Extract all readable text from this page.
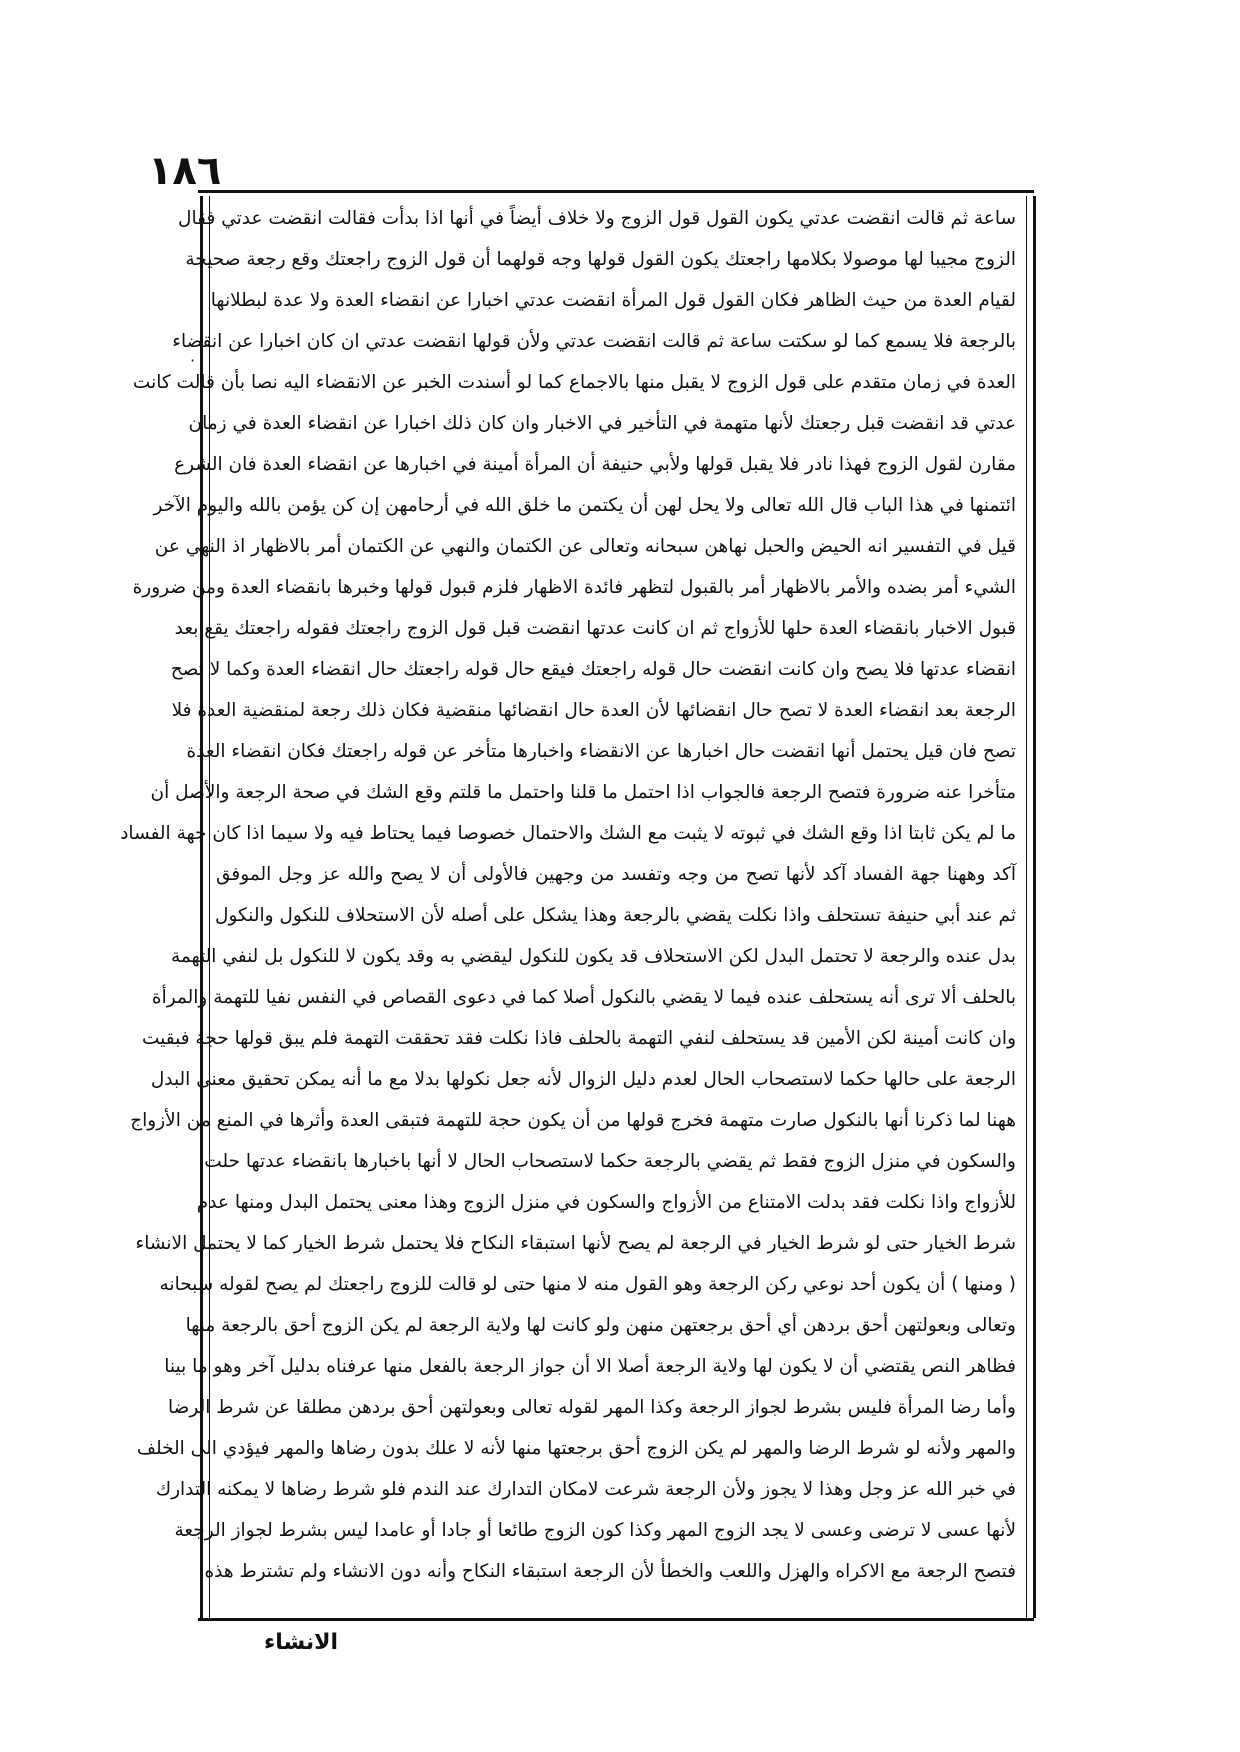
١٨٦
·
ساعة ثم قالت انقضت عدتي يكون القول قول الزوج ولا خلاف أيضاً في أنها اذا بدأت فقالت انقضت عدتي فقال
الزوج مجيبا لها موصولا بكلامها راجعتك يكون القول قولها وجه قولهما أن قول الزوج راجعتك وقع رجعة صحيحة
لقيام العدة من حيث الظاهر فكان القول قول المرأة انقضت عدتي اخبارا عن انقضاء العدة ولا عدة لبطلانها
بالرجعة فلا يسمع كما لو سكتت ساعة ثم قالت انقضت عدتي ولأن قولها انقضت عدتي ان كان اخبارا عن انقضاء
العدة في زمان متقدم على قول الزوج لا يقبل منها بالاجماع كما لو أسندت الخبر عن الانقضاء اليه نصا بأن قالت كانت
عدتي قد انقضت قبل رجعتك لأنها متهمة في التأخير في الاخبار وان كان ذلك اخبارا عن انقضاء العدة في زمان
مقارن لقول الزوج فهذا نادر فلا يقبل قولها ولأبي حنيفة أن المرأة أمينة في اخبارها عن انقضاء العدة فان الشرع
ائتمنها في هذا الباب قال الله تعالى ولا يحل لهن أن يكتمن ما خلق الله في أرحامهن إن كن يؤمن بالله واليوم الآخر
قيل في التفسير انه الحيض والحبل نهاهن سبحانه وتعالى عن الكتمان والنهي عن الكتمان أمر بالاظهار اذ النهي عن
الشيء أمر بضده والأمر بالاظهار أمر بالقبول لتظهر فائدة الاظهار فلزم قبول قولها وخبرها بانقضاء العدة ومن ضرورة
قبول الاخبار بانقضاء العدة حلها للأزواج ثم ان كانت عدتها انقضت قبل قول الزوج راجعتك فقوله راجعتك يقع بعد
انقضاء عدتها فلا يصح وان كانت انقضت حال قوله راجعتك فيقع حال قوله راجعتك حال انقضاء العدة وكما لا تصح
الرجعة بعد انقضاء العدة لا تصح حال انقضائها لأن العدة حال انقضائها منقضية فكان ذلك رجعة لمنقضية العدة فلا
تصح فان قيل يحتمل أنها انقضت حال اخبارها عن الانقضاء واخبارها متأخر عن قوله راجعتك فكان انقضاء العدة
متأخرا عنه ضرورة فتصح الرجعة فالجواب اذا احتمل ما قلنا واحتمل ما قلتم وقع الشك في صحة الرجعة والأصل أن
ما لم يكن ثابتا اذا وقع الشك في ثبوته لا يثبت مع الشك والاحتمال خصوصا فيما يحتاط فيه ولا سيما اذا كان جهة الفساد
آكد وههنا جهة الفساد آكد لأنها تصح من وجه وتفسد من وجهين فالأولى أن لا يصح والله عز وجل الموفق
ثم عند أبي حنيفة تستحلف واذا نكلت يقضي بالرجعة وهذا يشكل على أصله لأن الاستحلاف للنكول والنكول
بدل عنده والرجعة لا تحتمل البدل لكن الاستحلاف قد يكون للنكول ليقضي به وقد يكون لا للنكول بل لنفي التهمة
بالحلف ألا ترى أنه يستحلف عنده فيما لا يقضي بالنكول أصلا كما في دعوى القصاص في النفس نفيا للتهمة والمرأة
وان كانت أمينة لكن الأمين قد يستحلف لنفي التهمة بالحلف فاذا نكلت فقد تحققت التهمة فلم يبق قولها حجة فبقيت
الرجعة على حالها حكما لاستصحاب الحال لعدم دليل الزوال لأنه جعل نكولها بدلا مع ما أنه يمكن تحقيق معنى البدل
ههنا لما ذكرنا أنها بالنكول صارت متهمة فخرج قولها من أن يكون حجة للتهمة فتبقى العدة وأثرها في المنع من الأزواج
والسكون في منزل الزوج فقط ثم يقضي بالرجعة حكما لاستصحاب الحال لا أنها باخبارها بانقضاء عدتها حلت
للأزواج واذا نكلت فقد بدلت الامتناع من الأزواج والسكون في منزل الزوج وهذا معنى يحتمل البدل ومنها عدم
شرط الخيار حتى لو شرط الخيار في الرجعة لم يصح لأنها استبقاء النكاح فلا يحتمل شرط الخيار كما لا يحتمل الانشاء
( ومنها ) أن يكون أحد نوعي ركن الرجعة وهو القول منه لا منها حتى لو قالت للزوج راجعتك لم يصح لقوله سبحانه
وتعالى وبعولتهن أحق بردهن أي أحق برجعتهن منهن ولو كانت لها ولاية الرجعة لم يكن الزوج أحق بالرجعة منها
فظاهر النص يقتضي أن لا يكون لها ولاية الرجعة أصلا الا أن جواز الرجعة بالفعل منها عرفناه بدليل آخر وهو ما بينا
وأما رضا المرأة فليس بشرط لجواز الرجعة وكذا المهر لقوله تعالى وبعولتهن أحق بردهن مطلقا عن شرط الرضا
والمهر ولأنه لو شرط الرضا والمهر لم يكن الزوج أحق برجعتها منها لأنه لا علك بدون رضاها والمهر فيؤدي الى الخلف
في خبر الله عز وجل وهذا لا يجوز ولأن الرجعة شرعت لامكان التدارك عند الندم فلو شرط رضاها لا يمكنه التدارك
لأنها عسى لا ترضى وعسى لا يجد الزوج المهر وكذا كون الزوج طائعا أو جادا أو عامدا ليس بشرط لجواز الرجعة
فتصح الرجعة مع الاكراه والهزل واللعب والخطأ لأن الرجعة استبقاء النكاح وأنه دون الانشاء ولم تشترط هذه
الانشاء
